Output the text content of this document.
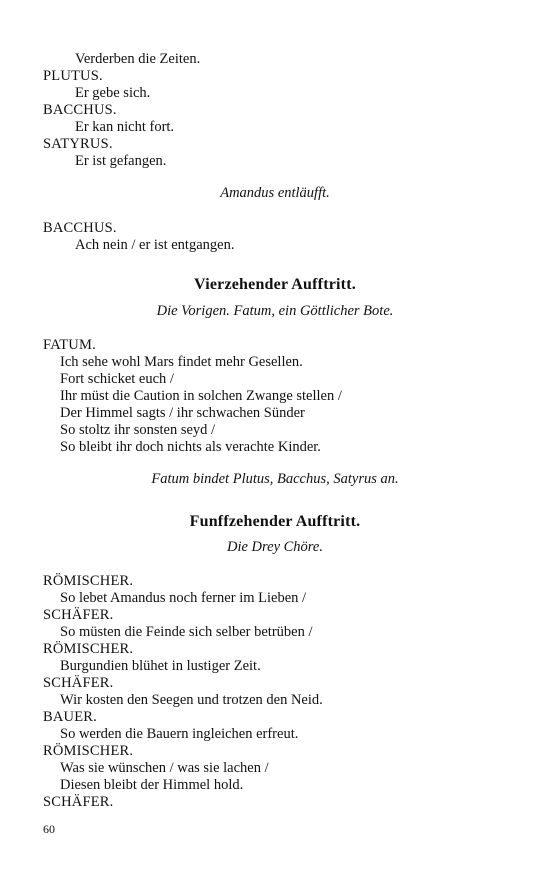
Verderben die Zeiten.
PLUTUS.
Er gebe sich.
BACCHUS.
Er kan nicht fort.
SATYRUS.
Er ist gefangen.
Amandus entläufft.
BACCHUS.
Ach nein / er ist entgangen.
Vierzehender Aufftritt.
Die Vorigen. Fatum, ein Göttlicher Bote.
FATUM.
Ich sehe wohl Mars findet mehr Gesellen.
Fort schicket euch /
Ihr müst die Caution in solchen Zwange stellen /
Der Himmel sagts / ihr schwachen Sünder
So stoltz ihr sonsten seyd /
So bleibt ihr doch nichts als verachte Kinder.
Fatum bindet Plutus, Bacchus, Satyrus an.
Funffzehender Aufftritt.
Die Drey Chöre.
RÖMISCHER.
So lebet Amandus noch ferner im Lieben /
SCHÄFER.
So müsten die Feinde sich selber betrüben /
RÖMISCHER.
Burgundien blühet in lustiger Zeit.
SCHÄFER.
Wir kosten den Seegen und trotzen den Neid.
BAUER.
So werden die Bauern ingleichen erfreut.
RÖMISCHER.
Was sie wünschen / was sie lachen /
Diesen bleibt der Himmel hold.
SCHÄFER.
60
